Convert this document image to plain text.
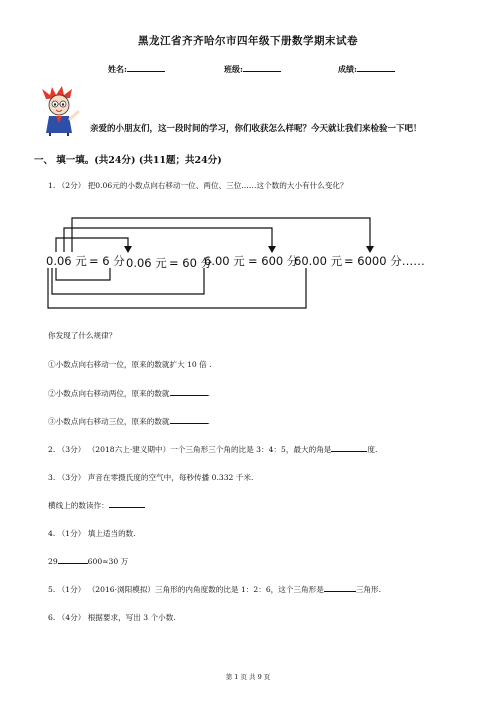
黑龙江省齐齐哈尔市四年级下册数学期末试卷
姓名:	班级:	成绩:
亲爱的小朋友们，这一段时间的学习，你们收获怎么样呢？今天就让我们来检验一下吧！
一、 填一填。(共24分) (共11题；共24分)
1. （2分） 把0.06元的小数点向右移动一位、两位、三位……这个数的大小有什么变化？
0.06 元 = 6 分 0.06 元 = 60 分
6.00 元 = 600 分
60.00 元 = 6000 分……
你发现了什么规律？
①小数点向右移动一位，原来的数就扩大 10 倍 .
②小数点向右移动两位，原来的数就	.
③小数点向右移动三位，原来的数就	.
2. （3分） （2018六上·建义期中）一个三角形三个角的比是 3：4：5，最大的角是	度.
3. （3分） 声音在零摄氏度的空气中，每秒传播 0.332 千米.
横线上的数读作：
4. （1分） 填上适当的数.
29	600≈30 万
5. （1分） （2016·浏阳模拟）三角形的内角度数的比是 1：2：6，这个三角形是	三角形.
6. （4分） 根据要求，写出 3 个小数.
第 1 页 共 9 页
